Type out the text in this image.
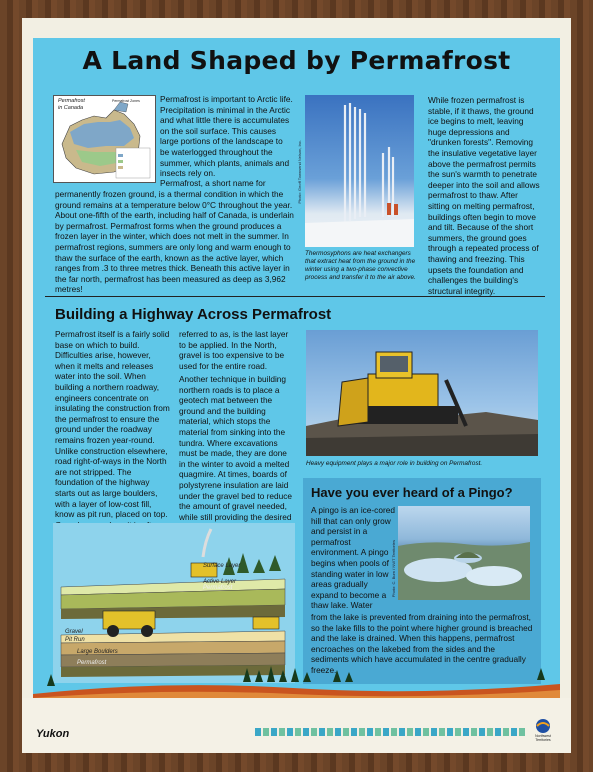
A Land Shaped by Permafrost
Permafrost
in Canada
Permafrost Zones Permafrost is important to Arctic life. Precipitation is minimal in the Arctic and what little there is accumulates on the soil surface. This causes large portions of the landscape to be waterlogged throughout the summer, which plants, animals and insects rely on.

Permafrost, a short name for

permanently frozen ground, is a thermal condition in which the ground remains at a temperature below 0°C throughout the year. About one-fifth of the earth, including half of Canada, is underlain by permafrost. Permafrost forms when the ground produces a frozen layer in the winter, which does not melt in the summer. In permafrost regions, summers are only long and warm enough to thaw the surface of the earth, known as the active layer, which ranges from .3 to three metres thick. Beneath this active layer in the far north, permafrost has been measured as deep as 3,962 metres!

Photo: Geoff Townsend Nelson, Inc.

Thermosyphons are heat exchangers that extract heat from the ground in the winter using a two-phase convective process and transfer it to the air above.

While frozen permafrost is stable, if it thaws, the ground ice begins to melt, leaving huge depressions and "drunken forests". Removing the insulative vegetative layer above the permafrost permits the sun's warmth to penetrate deeper into the soil and allows permafrost to thaw. After sitting on melting permafrost, buildings often begin to move and tilt. Because of the short summers, the ground goes through a repeated process of thawing and freezing. This upsets the foundation and challenges the building's structural integrity.

Building a Highway Across Permafrost

Permafrost itself is a fairly solid base on which to build. Difficulties arise, however, when it melts and releases water into the soil. When building a northern roadway, engineers concentrate on insulating the construction from the permafrost to ensure the ground under the roadway remains frozen year-round. Unlike construction elsewhere, road right-of-ways in the North are not stripped. The foundation of the highway starts out as large boulders, with a layer of low-cost fill, know as pit run, placed on top.

referred to as, is the last layer to be applied. In the North, gravel is too expensive to be used for the entire road.

Another technique in building northern roads is to place a geotech mat between the ground and the building material, which stops the material from sinking into the tundra. Where excavations must be made, they are done in the winter to avoid a melted quagmire. At times, boards of polystyrene insulation are laid under the gravel bed to reduce the amount of gravel needed, while still providing the desired

Heavy equipment plays a major role in building on Permafrost.

Surface Layer
Active Layer
Permafrost
Gravel
Pit Run
Large Boulders
Permafrost
Have you ever heard of a Pingo?

A pingo is an ice-cored hill that can only grow and persist in a permafrost environment. A pingo begins when pools of standing water in low areas gradually expand to become a thaw lake. Water

Photo: C. Burn / NWT Territories

from the lake is prevented from draining into the permafrost, so the lake fills to the point where higher ground is breached and the lake is drained. When this happens, permafrost encroaches on the lakebed from the sides and the sediments which have accumulated in the centre gradually freeze.

Yukon	Northwest Territories
